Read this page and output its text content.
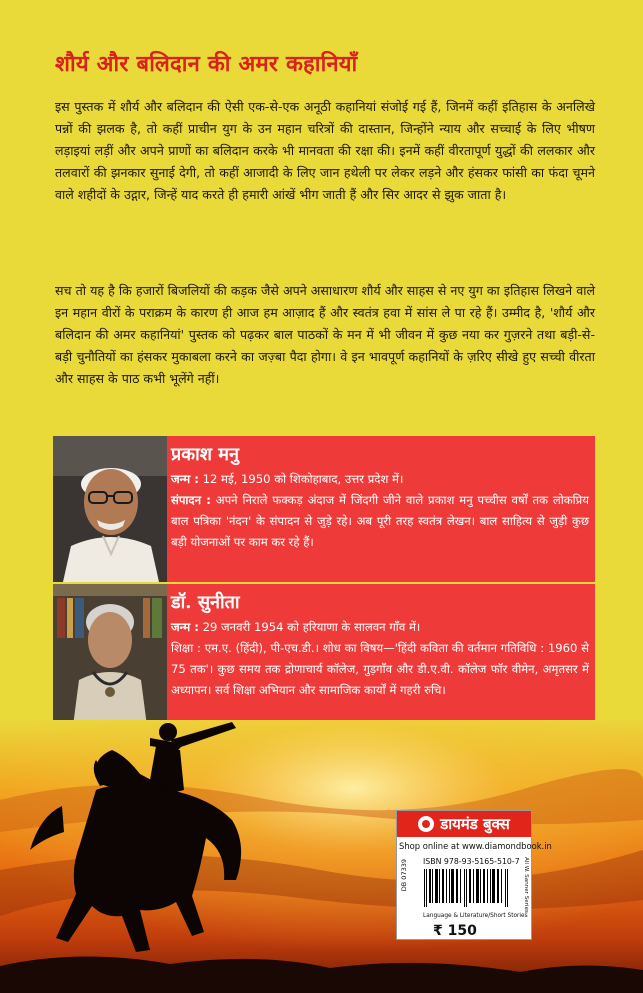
शौर्य और बलिदान की अमर कहानियाँ

इस पुस्तक में शौर्य और बलिदान की ऐसी एक-से-एक अनूठी कहानियां संजोई गई हैं, जिनमें कहीं इतिहास के अनलिखे पन्नों की झलक है, तो कहीं प्राचीन युग के उन महान चरित्रों की दास्तान, जिन्होंने न्याय और सच्चाई के लिए भीषण लड़ाइयां लड़ीं और अपने प्राणों का बलिदान करके भी मानवता की रक्षा की। इनमें कहीं वीरतापूर्ण युद्धों की ललकार और तलवारों की झनकार सुनाई देगी, तो कहीं आजादी के लिए जान हथेली पर लेकर लड़ने और हंसकर फांसी का फंदा चूमने वाले शहीदों के उद्गार, जिन्हें याद करते ही हमारी आंखें भीग जाती हैं और सिर आदर से झुक जाता है।

सच तो यह है कि हजारों बिजलियों की कड़क जैसे अपने असाधारण शौर्य और साहस से नए युग का इतिहास लिखने वाले इन महान वीरों के पराक्रम के कारण ही आज हम आज़ाद हैं और स्वतंत्र हवा में सांस ले पा रहे हैं। उम्मीद है, 'शौर्य और बलिदान की अमर कहानियां' पुस्तक को पढ़कर बाल पाठकों के मन में भी जीवन में कुछ नया कर गुज़रने तथा बड़ी-से-बड़ी चुनौतियों का हंसकर मुकाबला करने का जज़्बा पैदा होगा। वे इन भावपूर्ण कहानियों के ज़रिए सीखे हुए सच्ची वीरता और साहस के पाठ कभी भूलेंगे नहीं।

प्रकाश मनु
जन्म : 12 मई, 1950 को शिकोहाबाद, उत्तर प्रदेश में।
संपादन : अपने निराले फक्कड़ अंदाज में जिंदगी जीने वाले प्रकाश मनु पच्चीस वर्षों तक लोकप्रिय बाल पत्रिका 'नंदन' के संपादन से जुड़े रहे। अब पूरी तरह स्वतंत्र लेखन। बाल साहित्य से जुड़ी कुछ बड़ी योजनाओं पर काम कर रहे हैं।
डॉ. सुनीता
जन्म : 29 जनवरी 1954 को हरियाणा के सालवन गाँव में।
शिक्षा : एम.ए. (हिंदी), पी-एच.डी.। शोध का विषय—'हिंदी कविता की वर्तमान गतिविधि : 1960 से 75 तक'। कुछ समय तक द्रोणाचार्य कॉलेज, गुड़गाँव और डी.ए.वी. कॉलेज फॉर वीमेन, अमृतसर में अध्यापन। सर्व शिक्षा अभियान और सामाजिक कार्यों में गहरी रुचि।
डायमंड बुक्स
Shop online at www.diamondbook.in
DB 07339	All W. Sanner Series
ISBN 978-93-5165-510-7
Language & Literature/Short Stories
₹ 150
